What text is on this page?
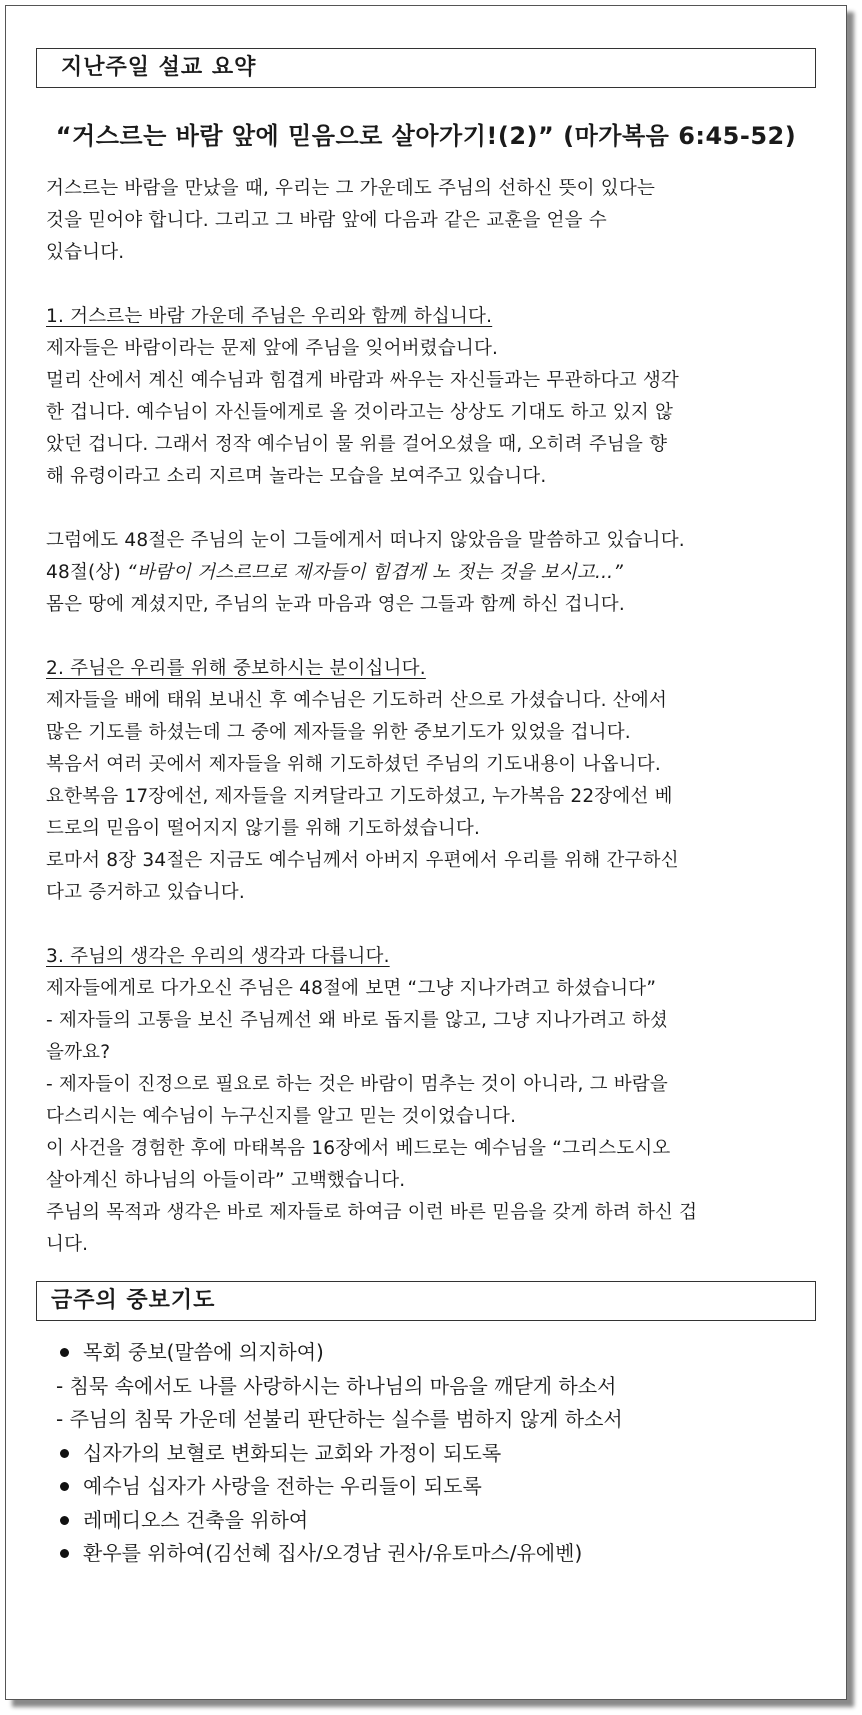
지난주일 설교 요약
“거스르는 바람 앞에 믿음으로 살아가기!(2)” (마가복음 6:45-52)
거스르는 바람을 만났을 때, 우리는 그 가운데도 주님의 선하신 뜻이 있다는
것을 믿어야 합니다. 그리고 그 바람 앞에 다음과 같은 교훈을 얻을 수
있습니다.
1. 거스르는 바람 가운데 주님은 우리와 함께 하십니다.
제자들은 바람이라는 문제 앞에 주님을 잊어버렸습니다.
멀리 산에서 계신 예수님과 힘겹게 바람과 싸우는 자신들과는 무관하다고 생각
한 겁니다. 예수님이 자신들에게로 올 것이라고는 상상도 기대도 하고 있지 않
았던 겁니다. 그래서 정작 예수님이 물 위를 걸어오셨을 때, 오히려 주님을 향
해 유령이라고 소리 지르며 놀라는 모습을 보여주고 있습니다.
그럼에도 48절은 주님의 눈이 그들에게서 떠나지 않았음을 말씀하고 있습니다.
48절(상) “바람이 거스르므로 제자들이 힘겹게 노 젓는 것을 보시고...”
몸은 땅에 계셨지만, 주님의 눈과 마음과 영은 그들과 함께 하신 겁니다.
2. 주님은 우리를 위해 중보하시는 분이십니다.
제자들을 배에 태워 보내신 후 예수님은 기도하러 산으로 가셨습니다. 산에서
많은 기도를 하셨는데 그 중에 제자들을 위한 중보기도가 있었을 겁니다.
복음서 여러 곳에서 제자들을 위해 기도하셨던 주님의 기도내용이 나옵니다.
요한복음 17장에선, 제자들을 지켜달라고 기도하셨고, 누가복음 22장에선 베
드로의 믿음이 떨어지지 않기를 위해 기도하셨습니다.
로마서 8장 34절은 지금도 예수님께서 아버지 우편에서 우리를 위해 간구하신
다고 증거하고 있습니다.
3. 주님의 생각은 우리의 생각과 다릅니다.
제자들에게로 다가오신 주님은 48절에 보면 “그냥 지나가려고 하셨습니다”
- 제자들의 고통을 보신 주님께선 왜 바로 돕지를 않고, 그냥 지나가려고 하셨
을까요?
- 제자들이 진정으로 필요로 하는 것은 바람이 멈추는 것이 아니라, 그 바람을
다스리시는 예수님이 누구신지를 알고 믿는 것이었습니다.
이 사건을 경험한 후에 마태복음 16장에서 베드로는 예수님을 “그리스도시오
살아계신 하나님의 아들이라” 고백했습니다.
주님의 목적과 생각은 바로 제자들로 하여금 이런 바른 믿음을 갖게 하려 하신 겁
니다.
금주의 중보기도
목회 중보(말씀에 의지하여)
- 침묵 속에서도 나를 사랑하시는 하나님의 마음을 깨닫게 하소서
- 주님의 침묵 가운데 섣불리 판단하는 실수를 범하지 않게 하소서
십자가의 보혈로 변화되는 교회와 가정이 되도록
예수님 십자가 사랑을 전하는 우리들이 되도록
레메디오스 건축을 위하여
환우를 위하여(김선혜 집사/오경남 권사/유토마스/유에벤)
